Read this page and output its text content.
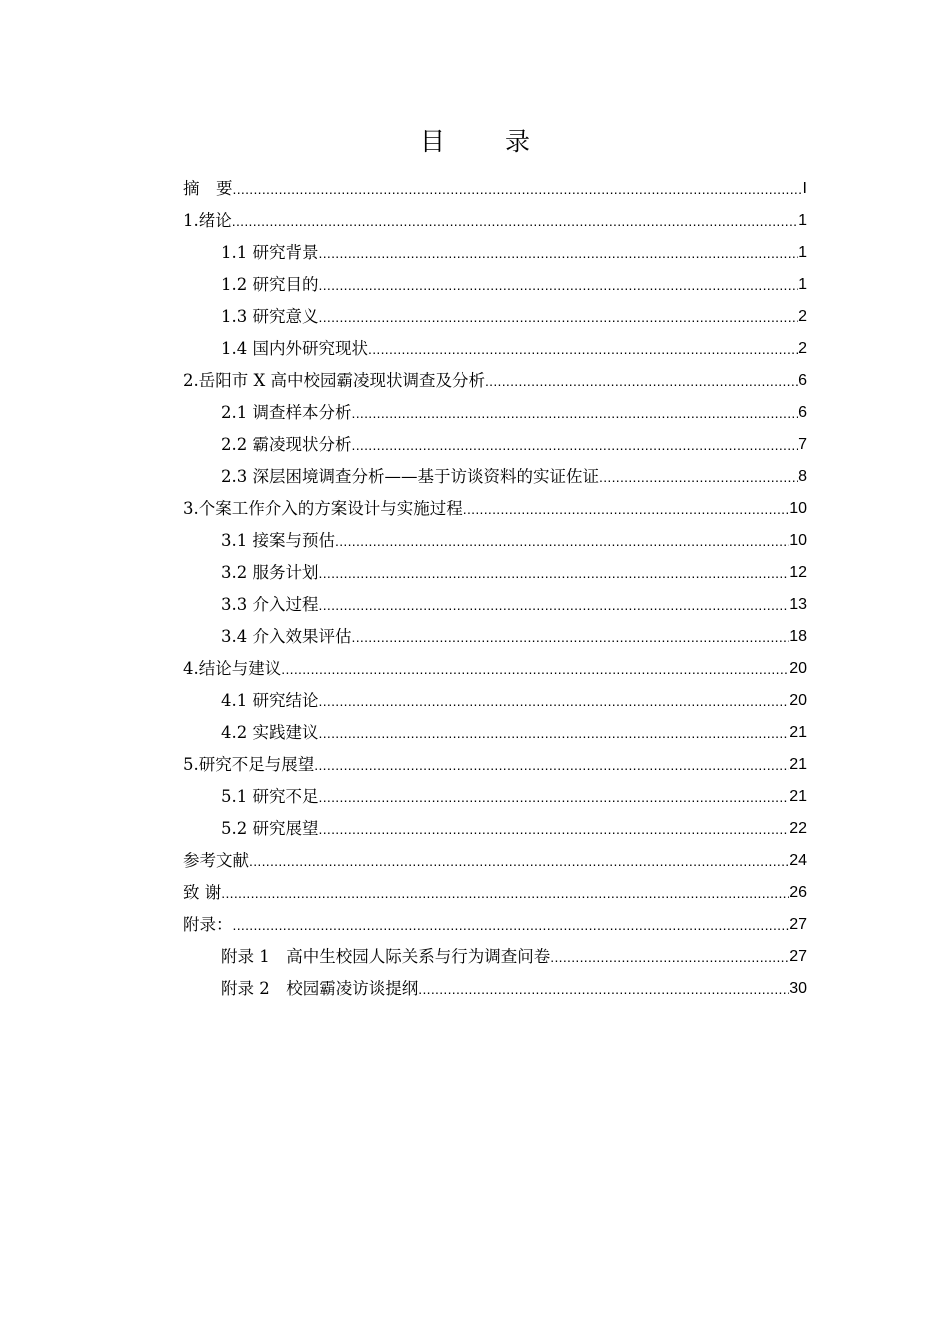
目 录
摘　要 .....	I
1.绪论 .....	1
1.1 研究背景 .....	1
1.2 研究目的 .....	1
1.3 研究意义 .....	2
1.4 国内外研究现状 .....	2
2.岳阳市 X 高中校园霸凌现状调查及分析 .....	6
2.1 调查样本分析 .....	6
2.2 霸凌现状分析 .....	7
2.3 深层困境调查分析——基于访谈资料的实证佐证 .....	8
3.个案工作介入的方案设计与实施过程 .....	10
3.1 接案与预估 .....	10
3.2 服务计划 .....	12
3.3 介入过程 .....	13
3.4 介入效果评估 .....	18
4.结论与建议 .....	20
4.1 研究结论 .....	20
4.2 实践建议 .....	21
5.研究不足与展望 .....	21
5.1 研究不足 .....	21
5.2 研究展望 .....	22
参考文献 .....	24
致 谢 .....	26
附录： .....	27
附录 1　高中生校园人际关系与行为调查问卷 .....	27
附录 2　校园霸凌访谈提纲 .....	30
